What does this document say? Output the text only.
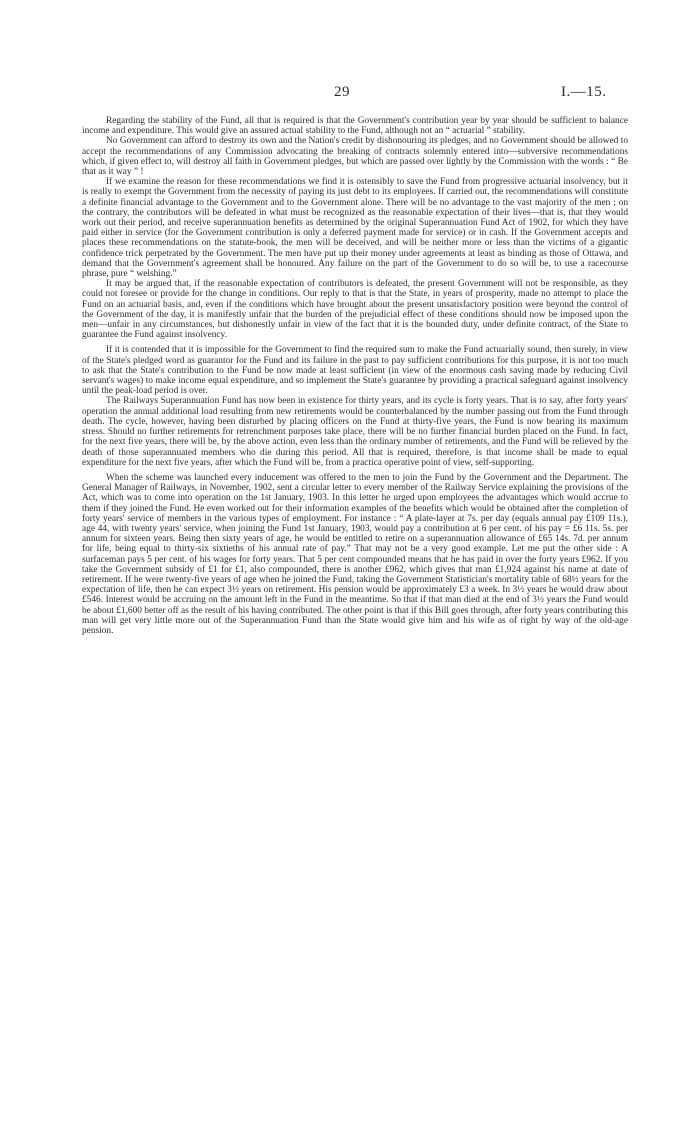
29	I.—15.

Regarding the stability of the Fund, all that is required is that the Government's contribution year by year should be sufficient to balance income and expenditure. This would give an assured actual stability to the Fund, although not an “ actuarial ” stability.

No Government can afford to destroy its own and the Nation's credit by dishonouring its pledges, and no Government should be allowed to accept the recommendations of any Commission advocating the breaking of contracts solemnly entered into—subversive recommendations which, if given effect to, will destroy all faith in Government pledges, but which are passed over lightly by the Commission with the words : “ Be that as it way ” !

If we examine the reason for these recommendations we find it is ostensibly to save the Fund from progressive actuarial insolvency, but it is really to exempt the Government from the necessity of paying its just debt to its employees. If carried out, the recommendations will constitute a definite financial advantage to the Government and to the Government alone. There will be no advantage to the vast majority of the men ; on the contrary, the contributors will be defeated in what must be recognized as the reasonable expectation of their lives—that is, that they would work out their period, and receive superannuation benefits as determined by the original Superannuation Fund Act of 1902, for which they have paid either in service (for the Government contribution is only a deferred payment made for service) or in cash. If the Government accepts and places these recommendations on the statute-book, the men will be deceived, and will be neither more or less than the victims of a gigantic confidence trick perpetrated by the Government. The men have put up their money under agreements at least as binding as those of Ottawa, and demand that the Government's agreement shall be honoured. Any failure on the part of the Government to do so will be, to use a racecourse phrase, pure “ welshing.”

It may be argued that, if the reasonable expectation of contributors is defeated, the present Government will not be responsible, as they could not foresee or provide for the change in conditions. Our reply to that is that the State, in years of prosperity, made no attempt to place the Fund on an actuarial basis, and, even if the conditions which have brought about the present unsatisfactory position were beyond the control of the Government of the day, it is manifestly unfair that the burden of the prejudicial effect of these conditions should now be imposed upon the men—unfair in any circumstances, but dishonestly unfair in view of the fact that it is the bounded duty, under definite contract, of the State to guarantee the Fund against insolvency.

If it is contended that it is impossible for the Government to find the required sum to make the Fund actuarially sound, then surely, in view of the State's pledged word as guarantor for the Fund and its failure in the past to pay sufficient contributions for this purpose, it is not too much to ask that the State's contribution to the Fund be now made at least sufficient (in view of the enormous cash saving made by reducing Civil servant's wages) to make income equal expenditure, and so implement the State's guarantee by providing a practical safeguard against insolvency until the peak-load period is over.

The Railways Superannuation Fund has now been in existence for thirty years, and its cycle is forty years. That is to say, after forty years' operation the annual additional load resulting from new retirements would be counterbalanced by the number passing out from the Fund through death. The cycle, however, having been disturbed by placing officers on the Fund at thirty-five years, the Fund is now bearing its maximum stress. Should no further retirements for retrenchment purposes take place, there will be no further financial burden placed on the Fund. In fact, for the next five years, there will be, by the above action, even less than the ordinary number of retirements, and the Fund will be relieved by the death of those superannuated members who die during this period. All that is required, therefore, is that income shall be made to equal expenditure for the next five years, after which the Fund will be, from a practica operative point of view, self-supporting.

When the scheme was launched every inducement was offered to the men to join the Fund by the Government and the Department. The General Manager of Railways, in November, 1902, sent a circular letter to every member of the Railway Service explaining the provisions of the Act, which was to come into operation on the 1st January, 1903. In this letter he urged upon employees the advantages which would accrue to them if they joined the Fund. He even worked out for their information examples of the benefits which would be obtained after the completion of forty years' service of members in the various types of employment. For instance : “ A plate-layer at 7s. per day (equals annual pay £109 11s.), age 44, with twenty years' service, when joining the Fund 1st January, 1903, would pay a contribution at 6 per cent. of his pay = £6 11s. 5s. per annum for sixteen years. Being then sixty years of age, he would be entitled to retire on a superannuation allowance of £65 14s. 7d. per annum for life, being equal to thirty-six sixtieths of his annual rate of pay.” That may not be a very good example. Let me put the other side : A surfaceman pays 5 per cent. of his wages for forty years. That 5 per cent compounded means that he has paid in over the forty years £962. If you take the Government subsidy of £1 for £1, also compounded, there is another £962, which gives that man £1,924 against his name at date of retirement. If he were twenty-five years of age when he joined the Fund, taking the Government Statistician's mortality table of 68½ years for the expectation of life, then he can expect 3½ years on retirement. His pension would be approximately £3 a week. In 3½ years he would draw about £546. Interest would be accruing on the amount left in the Fund in the meantime. So that if that man died at the end of 3½ years the Fund would be about £1,600 better off as the result of his having contributed. The other point is that if this Bill goes through, after forty years contributing this man will get very little more out of the Superannuation Fund than the State would give him and his wife as of right by way of the old-age pension.
